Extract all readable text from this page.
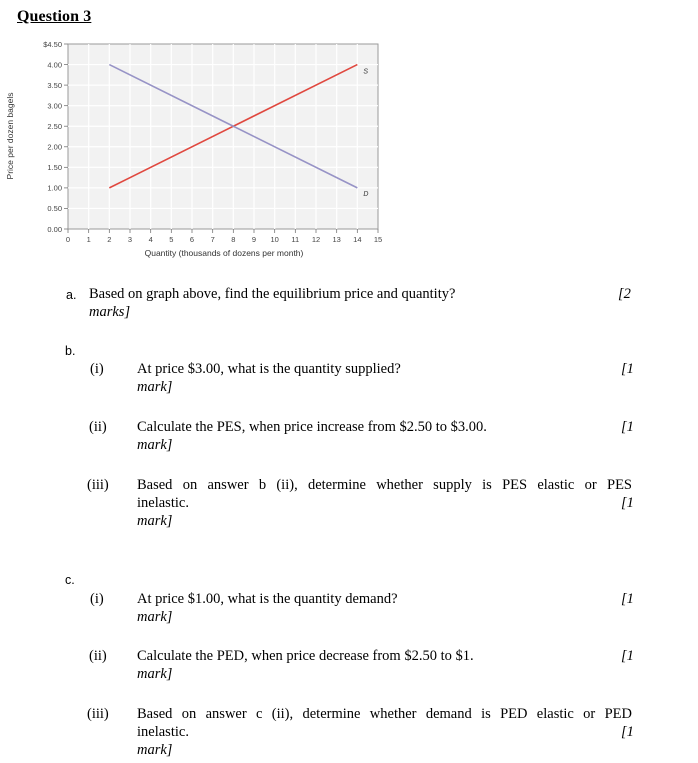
Question 3
S
D
0.00
0.50
1.00
1.50
2.00
2.50
3.00
3.50
4.00
$4.50
0 1 2 3 4 5 6 7 8 9 10 11 12 13 14 15
Price per dozen bagels
Quantity (thousands of dozens per month)
a. Based on graph above, find the equilibrium price and quantity?	[2
marks]
b.
(i) At price $3.00, what is the quantity supplied?	[1
mark]
(ii) Calculate the PES, when price increase from $2.50 to $3.00.	[1
mark]
(iii) Based on answer b (ii), determine whether supply is PES elastic or PES
inelastic.	[1
mark]
c.
(i) At price $1.00, what is the quantity demand?	[1
mark]
(ii) Calculate the PED, when price decrease from $2.50 to $1.	[1
mark]
(iii) Based on answer c (ii), determine whether demand is PED elastic or PED
inelastic.	[1
mark]
